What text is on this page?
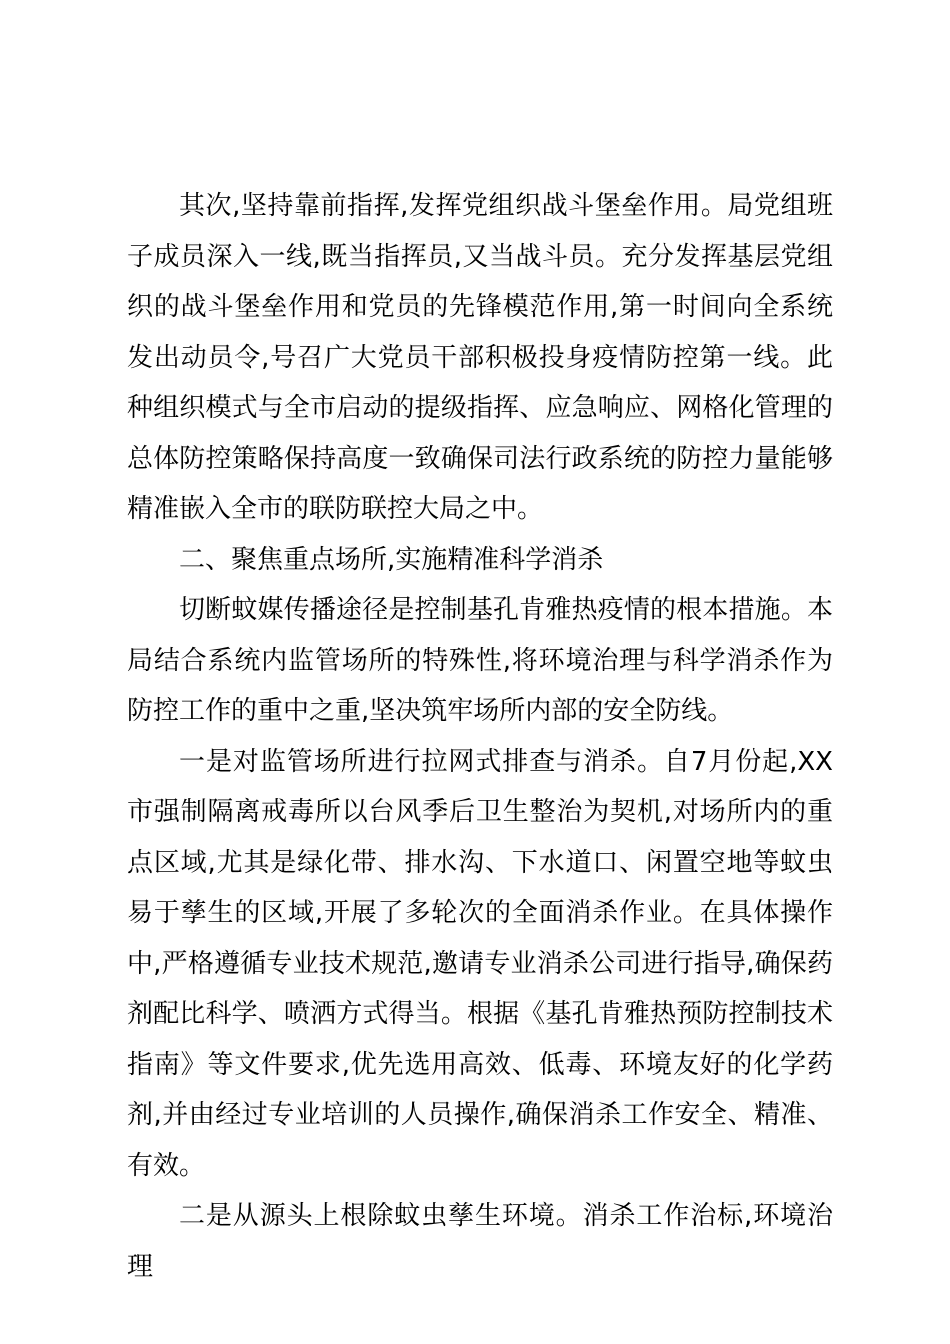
其次,坚持靠前指挥,发挥党组织战斗堡垒作用。局党组班子成员深入一线,既当指挥员,又当战斗员。充分发挥基层党组织的战斗堡垒作用和党员的先锋模范作用,第一时间向全系统发出动员令,号召广大党员干部积极投身疫情防控第一线。此种组织模式与全市启动的提级指挥、应急响应、网格化管理的总体防控策略保持高度一致确保司法行政系统的防控力量能够精准嵌入全市的联防联控大局之中。

二、聚焦重点场所,实施精准科学消杀

切断蚊媒传播途径是控制基孔肯雅热疫情的根本措施。本局结合系统内监管场所的特殊性,将环境治理与科学消杀作为防控工作的重中之重,坚决筑牢场所内部的安全防线。

一是对监管场所进行拉网式排查与消杀。自7月份起,XX市强制隔离戒毒所以台风季后卫生整治为契机,对场所内的重点区域,尤其是绿化带、排水沟、下水道口、闲置空地等蚊虫易于孳生的区域,开展了多轮次的全面消杀作业。在具体操作中,严格遵循专业技术规范,邀请专业消杀公司进行指导,确保药剂配比科学、喷洒方式得当。根据《基孔肯雅热预防控制技术指南》等文件要求,优先选用高效、低毒、环境友好的化学药剂,并由经过专业培训的人员操作,确保消杀工作安全、精准、有效。

二是从源头上根除蚊虫孳生环境。消杀工作治标,环境治理
